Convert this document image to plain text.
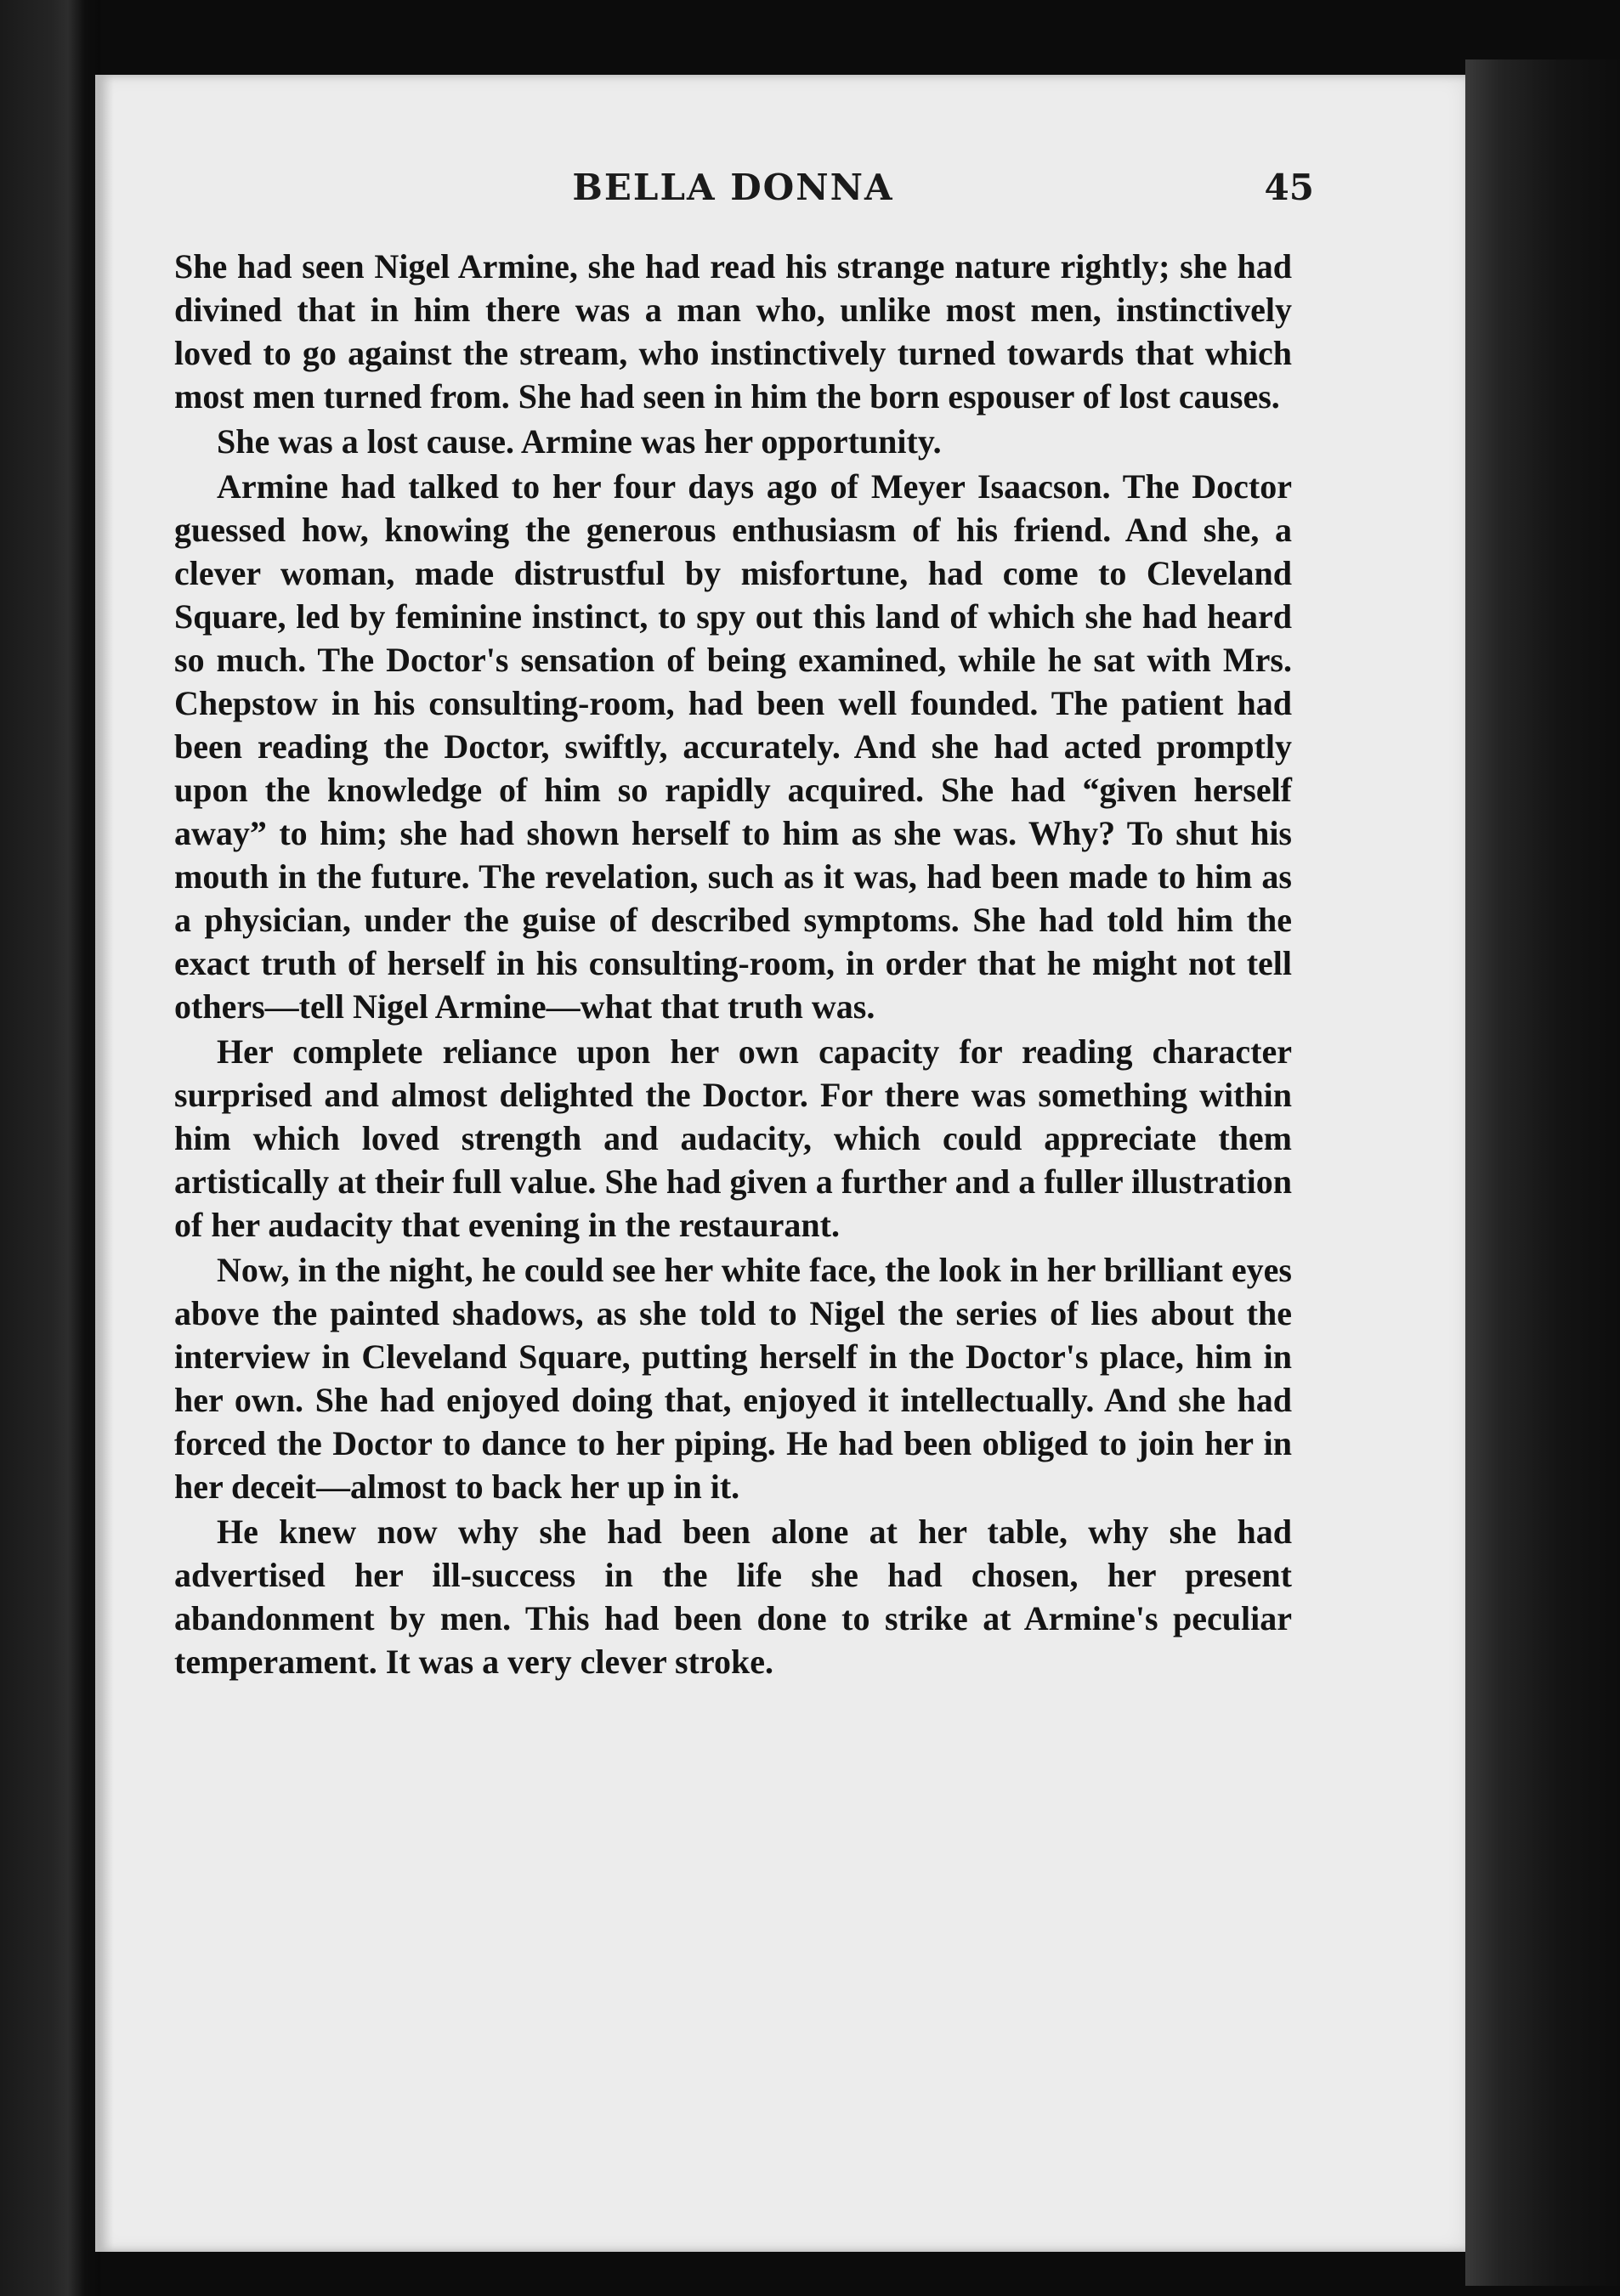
BELLA DONNA	45

She had seen Nigel Armine, she had read his strange nature rightly; she had divined that in him there was a man who, unlike most men, instinctively loved to go against the stream, who instinctively turned towards that which most men turned from. She had seen in him the born espouser of lost causes.

She was a lost cause. Armine was her opportunity.

Armine had talked to her four days ago of Meyer Isaacson. The Doctor guessed how, knowing the generous enthusiasm of his friend. And she, a clever woman, made distrustful by misfortune, had come to Cleveland Square, led by feminine instinct, to spy out this land of which she had heard so much. The Doctor's sensation of being examined, while he sat with Mrs. Chepstow in his consulting-room, had been well founded. The patient had been reading the Doctor, swiftly, accurately. And she had acted promptly upon the knowledge of him so rapidly acquired. She had “given herself away” to him; she had shown herself to him as she was. Why? To shut his mouth in the future. The revelation, such as it was, had been made to him as a physician, under the guise of described symptoms. She had told him the exact truth of herself in his consulting-room, in order that he might not tell others—tell Nigel Armine—what that truth was.

Her complete reliance upon her own capacity for reading character surprised and almost delighted the Doctor. For there was something within him which loved strength and audacity, which could appreciate them artistically at their full value. She had given a further and a fuller illustration of her audacity that evening in the restaurant.

Now, in the night, he could see her white face, the look in her brilliant eyes above the painted shadows, as she told to Nigel the series of lies about the interview in Cleveland Square, putting herself in the Doctor's place, him in her own. She had enjoyed doing that, enjoyed it intellectually. And she had forced the Doctor to dance to her piping. He had been obliged to join her in her deceit—almost to back her up in it.

He knew now why she had been alone at her table, why she had advertised her ill-success in the life she had chosen, her present abandonment by men. This had been done to strike at Armine's peculiar temperament. It was a very clever stroke.
